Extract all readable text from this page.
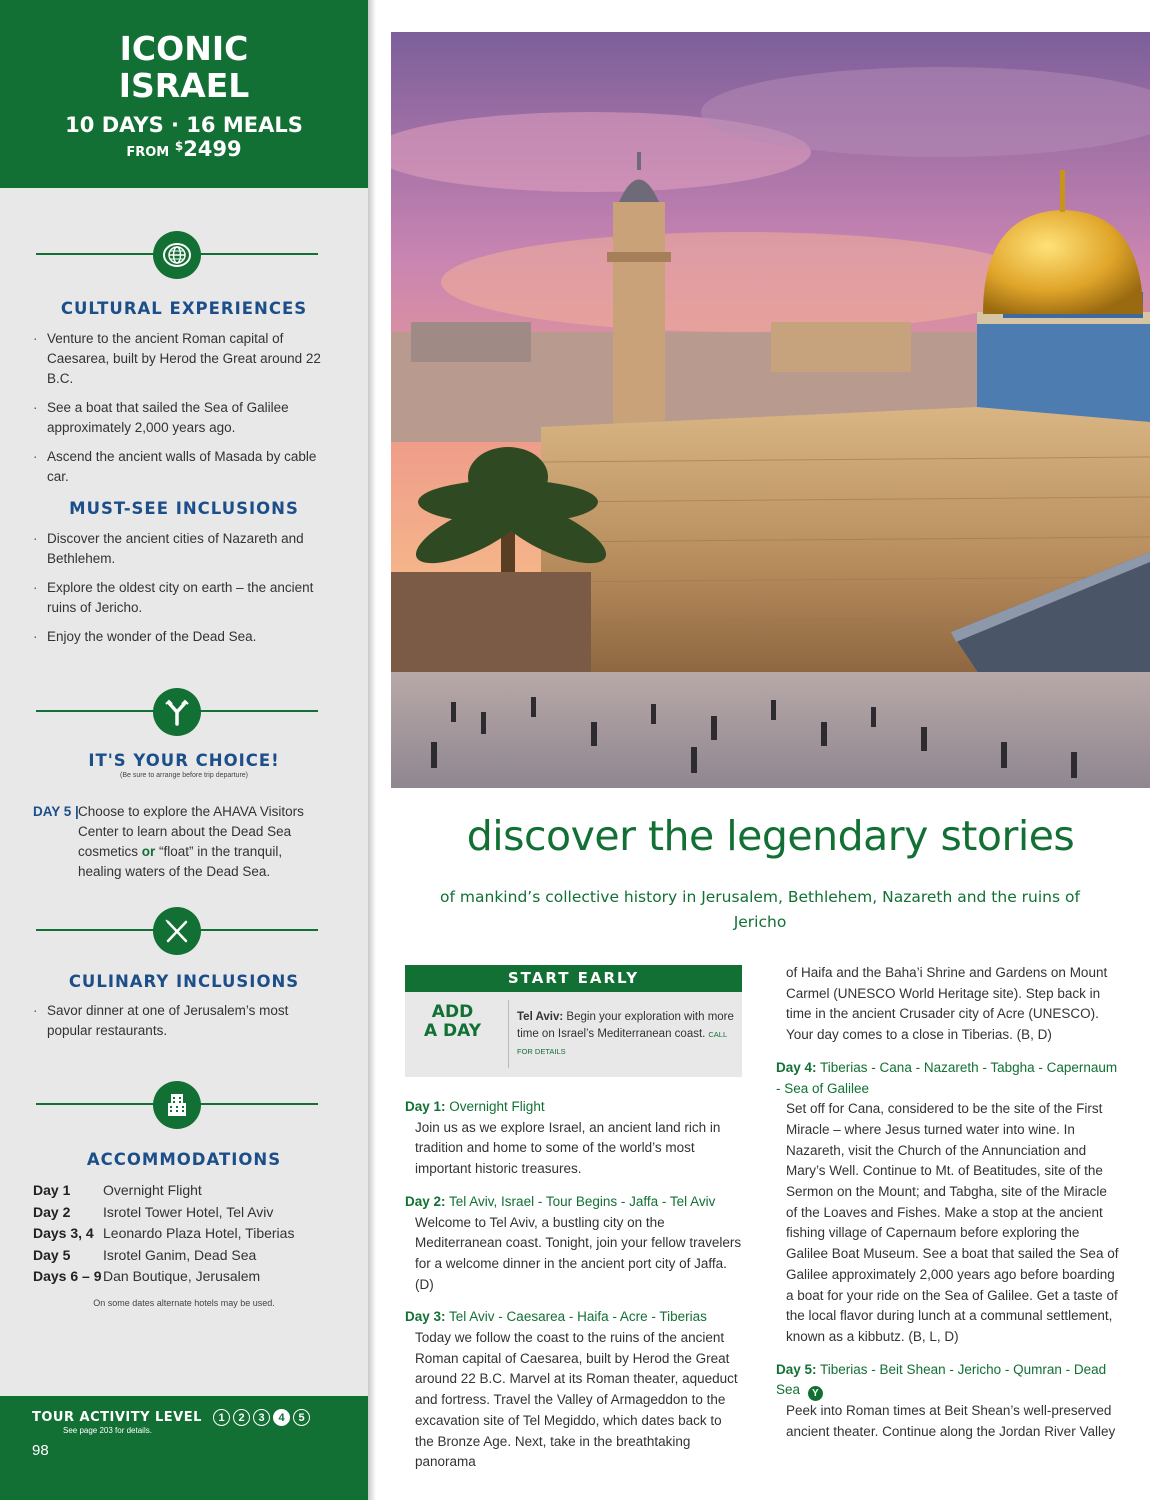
ICONIC
ISRAEL
10 DAYS · 16 MEALS
FROM $2499
CULTURAL EXPERIENCES
· Venture to the ancient Roman capital of Caesarea, built by Herod the Great around 22 B.C.
· See a boat that sailed the Sea of Galilee approximately 2,000 years ago.
· Ascend the ancient walls of Masada by cable car.
MUST-SEE INCLUSIONS
· Discover the ancient cities of Nazareth and Bethlehem.
· Explore the oldest city on earth – the ancient ruins of Jericho.
· Enjoy the wonder of the Dead Sea.
IT'S YOUR CHOICE!
(Be sure to arrange before trip departure)
DAY 5 | Choose to explore the AHAVA Visitors Center to learn about the Dead Sea cosmetics or “float” in the tranquil, healing waters of the Dead Sea.
CULINARY INCLUSIONS
· Savor dinner at one of Jerusalem’s most popular restaurants.
ACCOMMODATIONS
Day 1 Overnight Flight
Day 2 Isrotel Tower Hotel, Tel Aviv
Days 3, 4 Leonardo Plaza Hotel, Tiberias
Day 5 Isrotel Ganim, Dead Sea
Days 6 – 9 Dan Boutique, Jerusalem
On some dates alternate hotels may be used.
TOUR ACTIVITY LEVEL
See page 203 for details.
1	2	3	4	5
98
discover the legendary stories
of mankind’s collective history in Jerusalem, Bethlehem, Nazareth and the ruins of Jericho
START EARLY
ADD
A DAY
Tel Aviv: Begin your exploration with more time on Israel’s Mediterranean coast. CALL FOR DETAILS
Day 1: Overnight Flight
Join us as we explore Israel, an ancient land rich in tradition and home to some of the world’s most important historic treasures.
Day 2: Tel Aviv, Israel - Tour Begins - Jaffa - Tel Aviv
Welcome to Tel Aviv, a bustling city on the Mediterranean coast. Tonight, join your fellow travelers for a welcome dinner in the ancient port city of Jaffa. (D)
Day 3: Tel Aviv - Caesarea - Haifa - Acre - Tiberias
Today we follow the coast to the ruins of the ancient Roman capital of Caesarea, built by Herod the Great around 22 B.C. Marvel at its Roman theater, aqueduct and fortress. Travel the Valley of Armageddon to the excavation site of Tel Megiddo, which dates back to the Bronze Age. Next, take in the breathtaking panorama
of Haifa and the Baha’i Shrine and Gardens on Mount Carmel (UNESCO World Heritage site). Step back in time in the ancient Crusader city of Acre (UNESCO). Your day comes to a close in Tiberias. (B, D)
Day 4: Tiberias - Cana - Nazareth - Tabgha - Capernaum - Sea of Galilee
Set off for Cana, considered to be the site of the First Miracle – where Jesus turned water into wine. In Nazareth, visit the Church of the Annunciation and Mary’s Well. Continue to Mt. of Beatitudes, site of the Sermon on the Mount; and Tabgha, site of the Miracle of the Loaves and Fishes. Make a stop at the ancient fishing village of Capernaum before exploring the Galilee Boat Museum. See a boat that sailed the Sea of Galilee approximately 2,000 years ago before boarding a boat for your ride on the Sea of Galilee. Get a taste of the local flavor during lunch at a communal settlement, known as a kibbutz. (B, L, D)
Day 5: Tiberias - Beit Shean - Jericho - Qumran - Dead Sea Y
Peek into Roman times at Beit Shean’s well-preserved ancient theater. Continue along the Jordan River Valley
